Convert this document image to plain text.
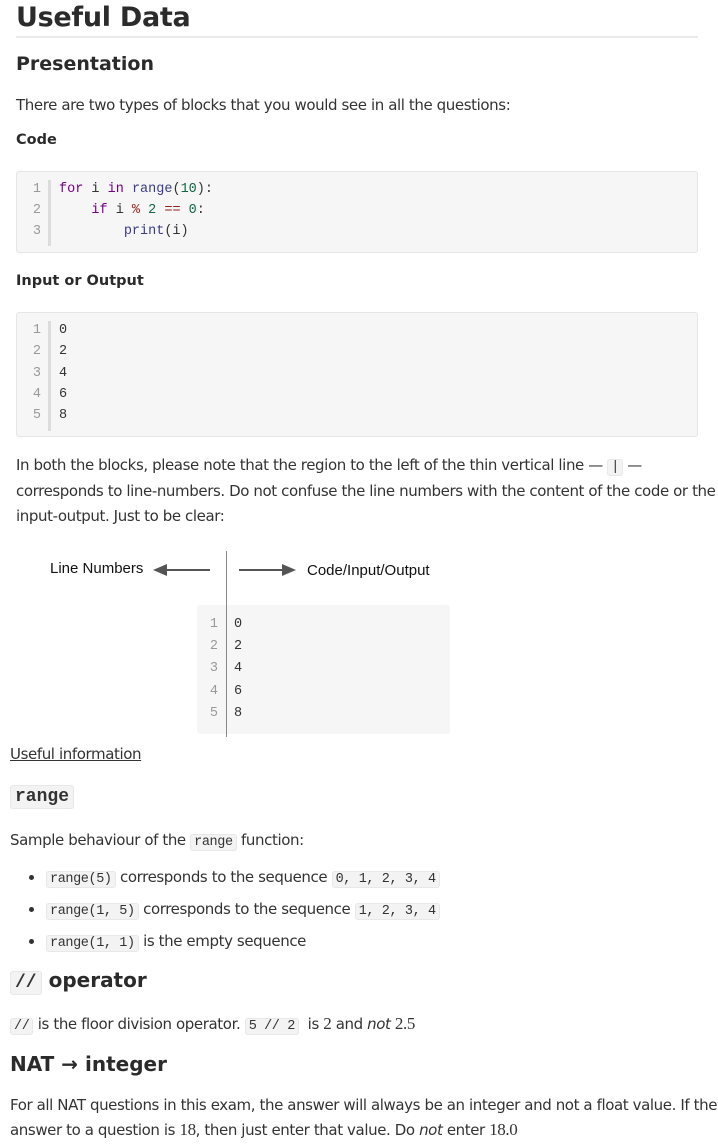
Useful Data
Presentation

There are two types of blocks that you would see in all the questions:

Code
1
2
3
for i in range(10):
if i % 2 == 0:
print(i)
Input or Output
1
2
3
4
5
0
2
4
6
8

In both the blocks, please note that the region to the left of the thin vertical line — | —

corresponds to line-numbers. Do not confuse the line numbers with the content of the code or the

input-output. Just to be clear:

Line Numbers	Code/Input/Output
1
2
3
4
5
0
2
4
6
8
Useful information
range

Sample behaviour of the range function:

range(5) corresponds to the sequence 0, 1, 2, 3, 4
range(1, 5) corresponds to the sequence 1, 2, 3, 4
range(1, 1) is the empty sequence
// operator

// is the floor division operator. 5 // 2 is 2 and not 2.5

NAT → integer

For all NAT questions in this exam, the answer will always be an integer and not a float value. If the

answer to a question is 18, then just enter that value. Do not enter 18.0
